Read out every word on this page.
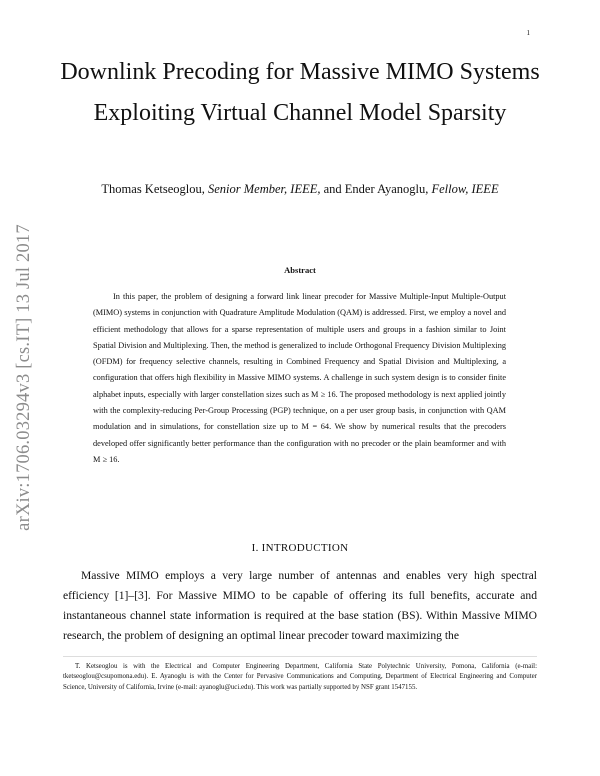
1
arXiv:1706.03294v3 [cs.IT] 13 Jul 2017
Downlink Precoding for Massive MIMO Systems Exploiting Virtual Channel Model Sparsity
Thomas Ketseoglou, Senior Member, IEEE, and Ender Ayanoglu, Fellow, IEEE
Abstract

In this paper, the problem of designing a forward link linear precoder for Massive Multiple-Input Multiple-Output (MIMO) systems in conjunction with Quadrature Amplitude Modulation (QAM) is addressed. First, we employ a novel and efficient methodology that allows for a sparse representation of multiple users and groups in a fashion similar to Joint Spatial Division and Multiplexing. Then, the method is generalized to include Orthogonal Frequency Division Multiplexing (OFDM) for frequency selective channels, resulting in Combined Frequency and Spatial Division and Multiplexing, a configuration that offers high flexibility in Massive MIMO systems. A challenge in such system design is to consider finite alphabet inputs, especially with larger constellation sizes such as M ≥ 16. The proposed methodology is next applied jointly with the complexity-reducing Per-Group Processing (PGP) technique, on a per user group basis, in conjunction with QAM modulation and in simulations, for constellation size up to M = 64. We show by numerical results that the precoders developed offer significantly better performance than the configuration with no precoder or the plain beamformer and with M ≥ 16.

I. INTRODUCTION

Massive MIMO employs a very large number of antennas and enables very high spectral efficiency [1]–[3]. For Massive MIMO to be capable of offering its full benefits, accurate and instantaneous channel state information is required at the base station (BS). Within Massive MIMO research, the problem of designing an optimal linear precoder toward maximizing the

T. Ketseoglou is with the Electrical and Computer Engineering Department, California State Polytechnic University, Pomona, California (e-mail: tketseoglou@csupomona.edu). E. Ayanoglu is with the Center for Pervasive Communications and Computing, Department of Electrical Engineering and Computer Science, University of California, Irvine (e-mail: ayanoglu@uci.edu). This work was partially supported by NSF grant 1547155.
